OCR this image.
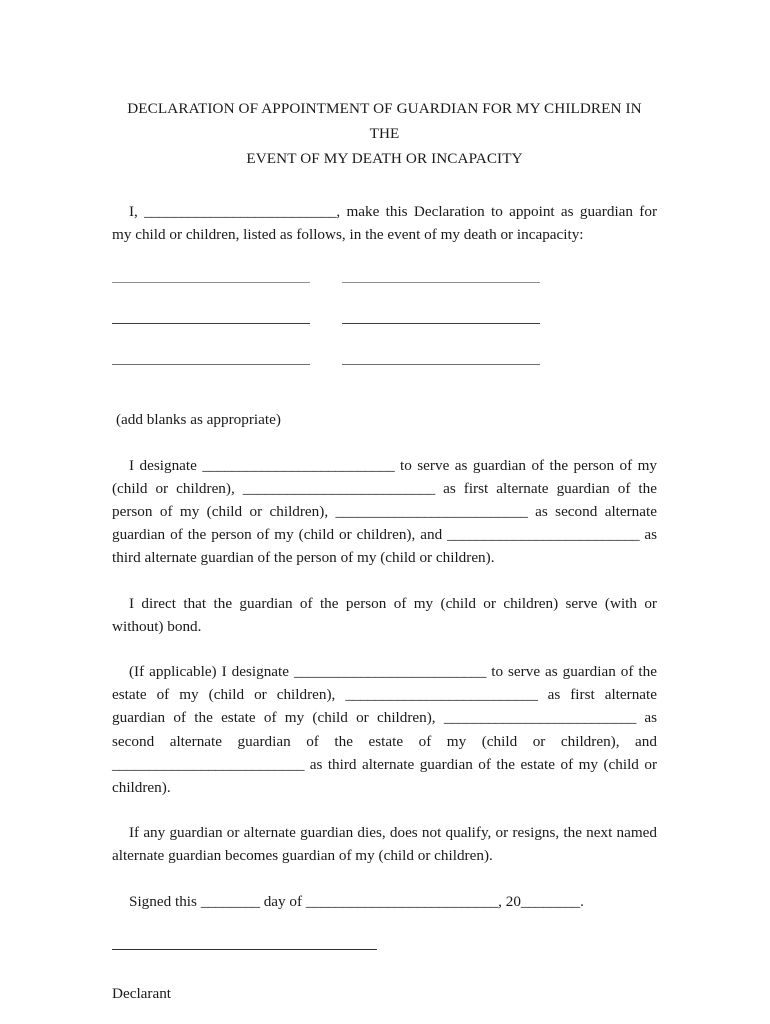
DECLARATION OF APPOINTMENT OF GUARDIAN FOR MY CHILDREN IN THE
EVENT OF MY DEATH OR INCAPACITY

I, __________________________, make this Declaration to appoint as guardian for my child or children, listed as follows, in the event of my death or incapacity:

(add blanks as appropriate)

I designate __________________________ to serve as guardian of the person of my (child or children), __________________________ as first alternate guardian of the person of my (child or children), __________________________ as second alternate guardian of the person of my (child or children), and __________________________ as third alternate guardian of the person of my (child or children).

I direct that the guardian of the person of my (child or children) serve (with or without) bond.

(If applicable) I designate __________________________ to serve as guardian of the estate of my (child or children), __________________________ as first alternate guardian of the estate of my (child or children), __________________________ as second alternate guardian of the estate of my (child or children), and __________________________ as third alternate guardian of the estate of my (child or children).

If any guardian or alternate guardian dies, does not qualify, or resigns, the next named alternate guardian becomes guardian of my (child or children).

Signed this ________ day of __________________________, 20________.

Declarant
